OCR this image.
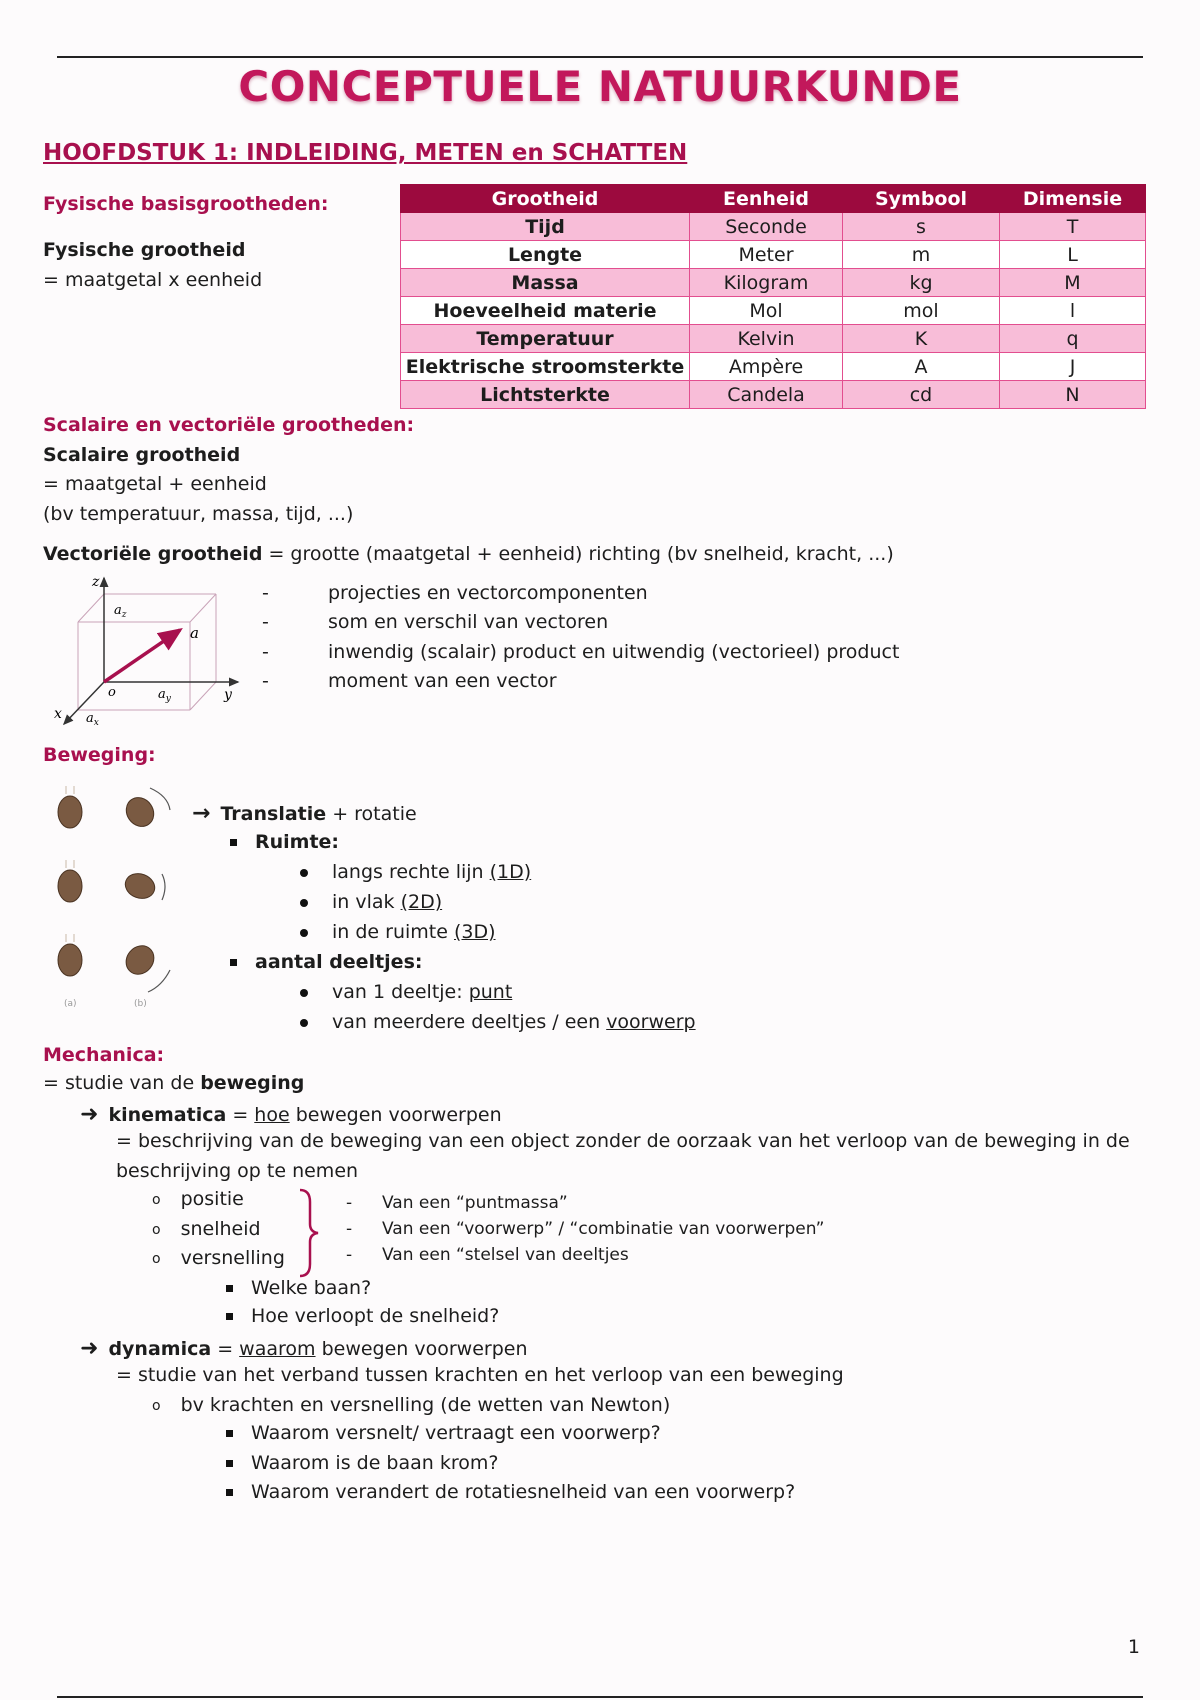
CONCEPTUELE NATUURKUNDE
HOOFDSTUK 1: INDLEIDING, METEN en SCHATTEN
Fysische basisgrootheden:
Fysische grootheid
= maatgetal x eenheid
Grootheid	Eenheid	Symbool	Dimensie
Tijd	Seconde	s	T
Lengte	Meter	m	L
Massa	Kilogram	kg	M
Hoeveelheid materie	Mol	mol	l
Temperatuur	Kelvin	K	q
Elektrische stroomsterkte	Ampère	A	J
Lichtsterkte	Candela	cd	N
Scalaire en vectoriële grootheden:
Scalaire grootheid
= maatgetal + eenheid
(bv temperatuur, massa, tijd, ...)
Vectoriële grootheid = grootte (maatgetal + eenheid) richting (bv snelheid, kracht, ...)
z
y
x
o
a
$a_z$
$a_y$
$a_x$
-	projecties en vectorcomponenten
-	som en verschil van vectoren
-	inwendig (scalair) product en uitwendig (vectorieel) product
-	moment van een vector
Beweging:
(a)	(b)
→ Translatie + rotatie
Ruimte:
langs rechte lijn (1D)
in vlak (2D)
in de ruimte (3D)
aantal deeltjes:
van 1 deeltje: punt
van meerdere deeltjes / een voorwerp
Mechanica:
= studie van de beweging
➜ kinematica = hoe bewegen voorwerpen
= beschrijving van de beweging van een object zonder de oorzaak van het verloop van de beweging in de
beschrijving op te nemen
o positie
o snelheid
o versnelling
- Van een “puntmassa”
- Van een “voorwerp” / “combinatie van voorwerpen”
- Van een “stelsel van deeltjes
Welke baan?
Hoe verloopt de snelheid?
➜ dynamica = waarom bewegen voorwerpen
= studie van het verband tussen krachten en het verloop van een beweging
o bv krachten en versnelling (de wetten van Newton)
Waarom versnelt/ vertraagt een voorwerp?
Waarom is de baan krom?
Waarom verandert de rotatiesnelheid van een voorwerp?
1
